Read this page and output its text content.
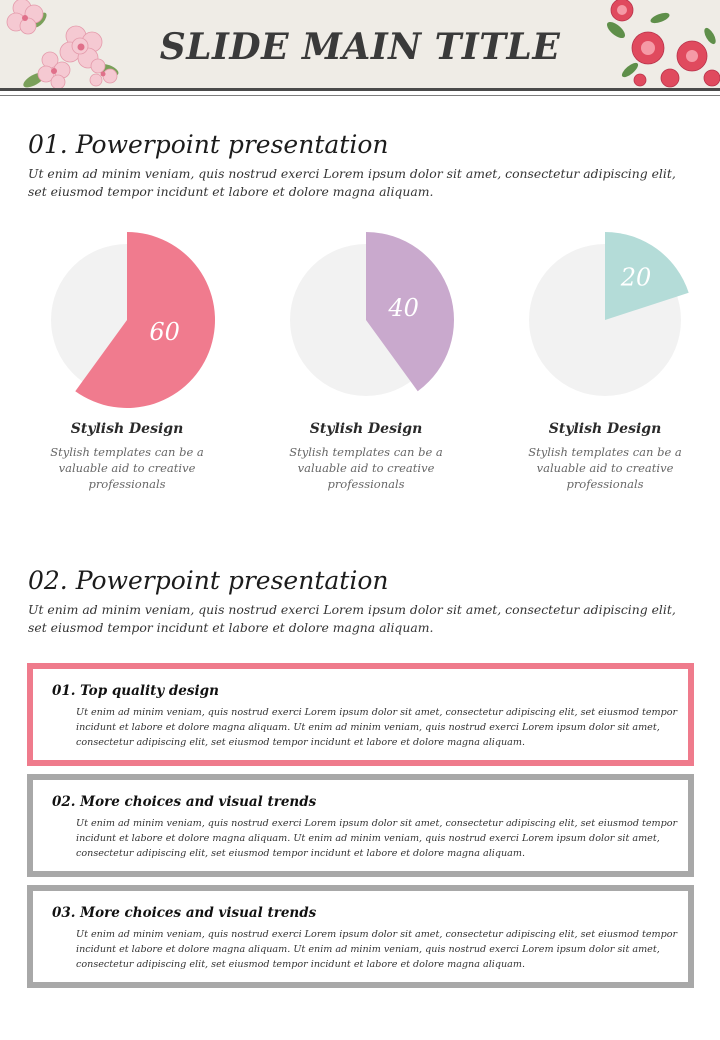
SLIDE MAIN TITLE
01. Powerpoint presentation
Ut enim ad minim veniam, quis nostrud exerci Lorem ipsum dolor sit amet, consectetur adipiscing elit, set eiusmod tempor incidunt et labore et dolore magna aliquam.
60
Stylish Design
Stylish templates can be a valuable aid to creative professionals
40
Stylish Design
Stylish templates can be a valuable aid to creative professionals
20
Stylish Design
Stylish templates can be a valuable aid to creative professionals
02. Powerpoint presentation
Ut enim ad minim veniam, quis nostrud exerci Lorem ipsum dolor sit amet, consectetur adipiscing elit, set eiusmod tempor incidunt et labore et dolore magna aliquam.
01. Top quality design
Ut enim ad minim veniam, quis nostrud exerci Lorem ipsum dolor sit amet, consectetur adipiscing elit, set eiusmod tempor incidunt et labore et dolore magna aliquam. Ut enim ad minim veniam, quis nostrud exerci Lorem ipsum dolor sit amet, consectetur adipiscing elit, set eiusmod tempor incidunt et labore et dolore magna aliquam.
02. More choices and visual trends
Ut enim ad minim veniam, quis nostrud exerci Lorem ipsum dolor sit amet, consectetur adipiscing elit, set eiusmod tempor incidunt et labore et dolore magna aliquam. Ut enim ad minim veniam, quis nostrud exerci Lorem ipsum dolor sit amet, consectetur adipiscing elit, set eiusmod tempor incidunt et labore et dolore magna aliquam.
03. More choices and visual trends
Ut enim ad minim veniam, quis nostrud exerci Lorem ipsum dolor sit amet, consectetur adipiscing elit, set eiusmod tempor incidunt et labore et dolore magna aliquam. Ut enim ad minim veniam, quis nostrud exerci Lorem ipsum dolor sit amet, consectetur adipiscing elit, set eiusmod tempor incidunt et labore et dolore magna aliquam.
